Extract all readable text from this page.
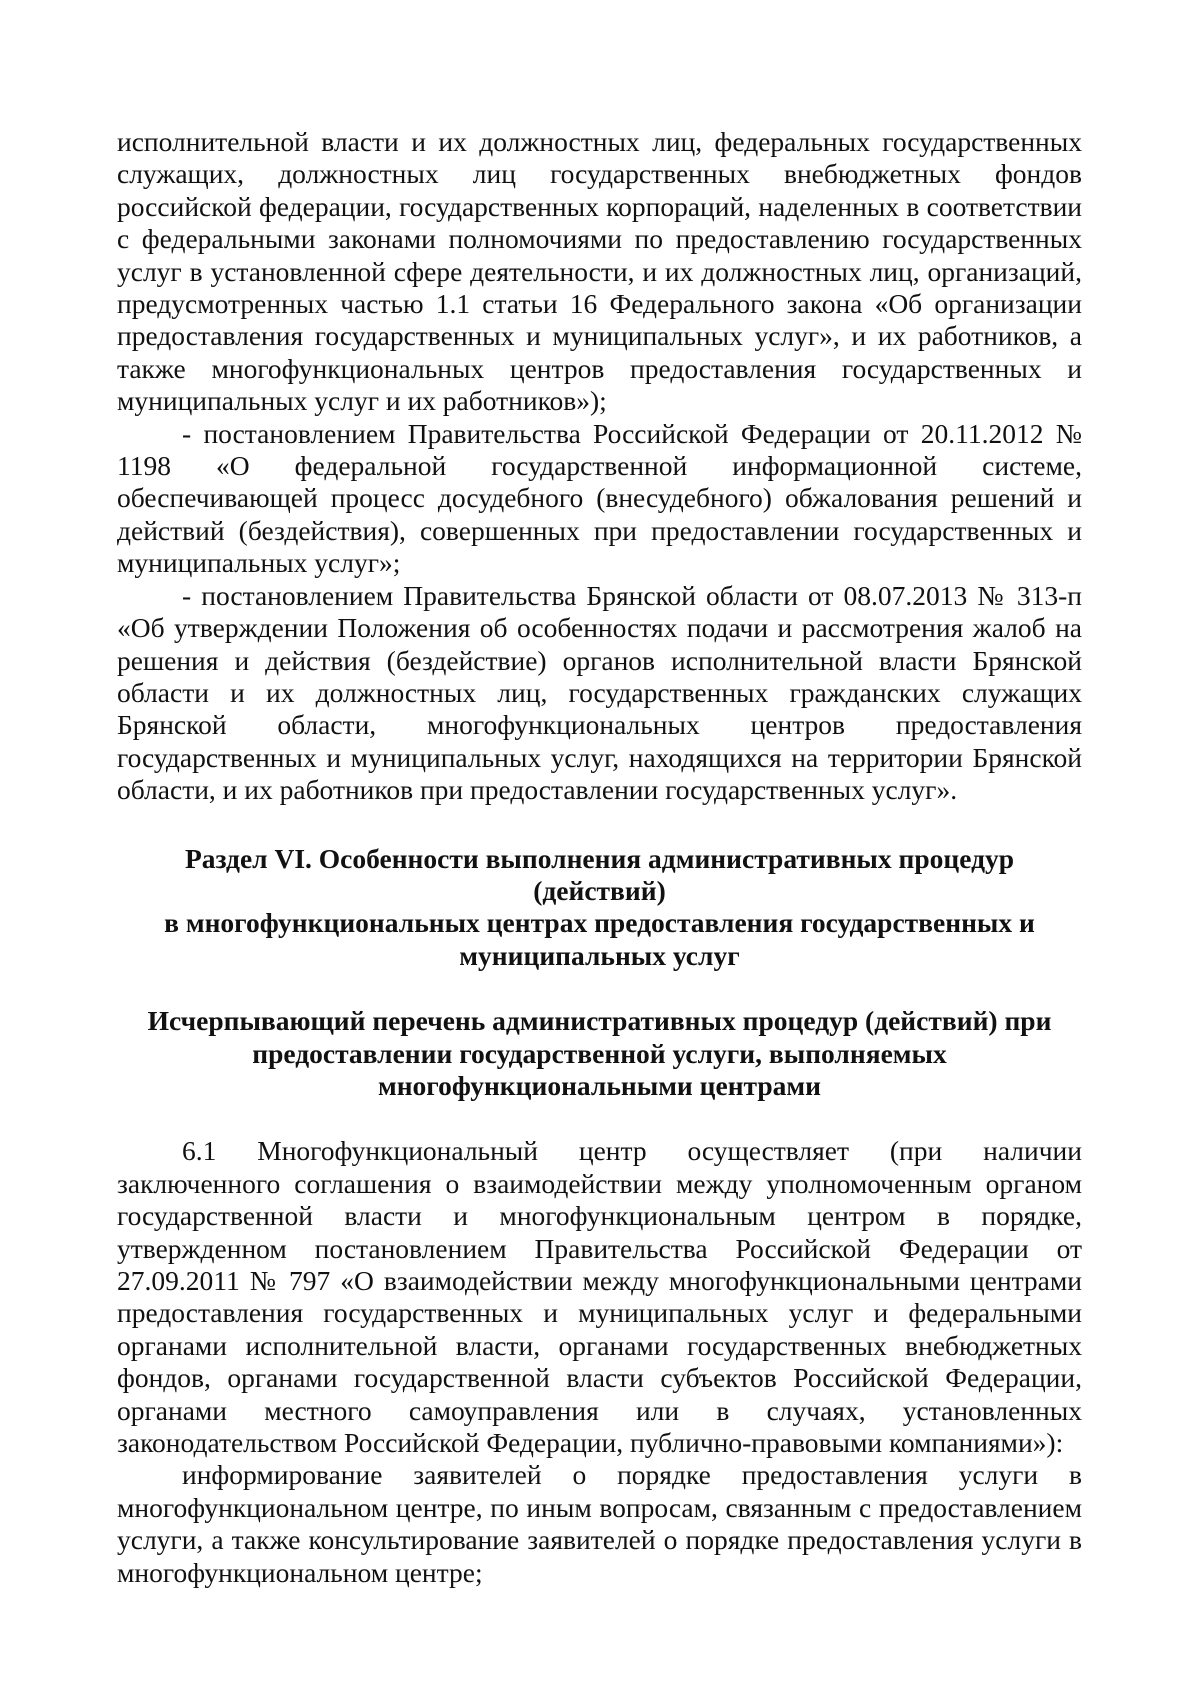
исполнительной власти и их должностных лиц, федеральных государственных служащих, должностных лиц государственных внебюджетных фондов российской федерации, государственных корпораций, наделенных в соответствии с федеральными законами полномочиями по предоставлению государственных услуг в установленной сфере деятельности, и их должностных лиц, организаций, предусмотренных частью 1.1 статьи 16 Федерального закона «Об организации предоставления государственных и муниципальных услуг», и их работников, а также многофункциональных центров предоставления государственных и муниципальных услуг и их работников»);

- постановлением Правительства Российской Федерации от 20.11.2012 № 1198 «О федеральной государственной информационной системе, обеспечивающей процесс досудебного (внесудебного) обжалования решений и действий (бездействия), совершенных при предоставлении государственных и муниципальных услуг»;

- постановлением Правительства Брянской области от 08.07.2013 № 313-п «Об утверждении Положения об особенностях подачи и рассмотрения жалоб на решения и действия (бездействие) органов исполнительной власти Брянской области и их должностных лиц, государственных гражданских служащих Брянской области, многофункциональных центров предоставления государственных и муниципальных услуг, находящихся на территории Брянской области, и их работников при предоставлении государственных услуг».

Раздел VI. Особенности выполнения административных процедур (действий)
в многофункциональных центрах предоставления государственных и
муниципальных услуг
Исчерпывающий перечень административных процедур (действий) при
предоставлении государственной услуги, выполняемых
многофункциональными центрами

6.1 Многофункциональный центр осуществляет (при наличии заключенного соглашения о взаимодействии между уполномоченным органом государственной власти и многофункциональным центром в порядке, утвержденном постановлением Правительства Российской Федерации от 27.09.2011 № 797 «О взаимодействии между многофункциональными центрами предоставления государственных и муниципальных услуг и федеральными органами исполнительной власти, органами государственных внебюджетных фондов, органами государственной власти субъектов Российской Федерации, органами местного самоуправления или в случаях, установленных законодательством Российской Федерации, публично-правовыми компаниями»):

информирование заявителей о порядке предоставления услуги в многофункциональном центре, по иным вопросам, связанным с предоставлением услуги, а также консультирование заявителей о порядке предоставления услуги в многофункциональном центре;
